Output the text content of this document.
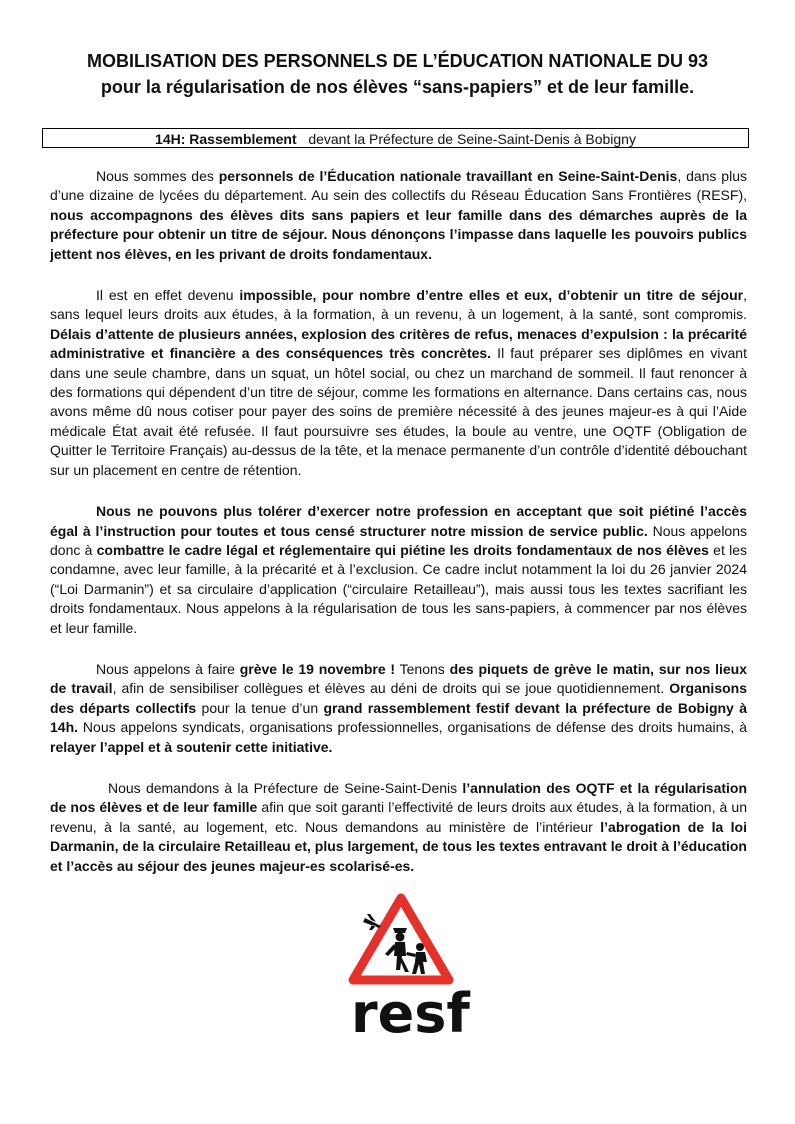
MOBILISATION DES PERSONNELS DE L’ÉDUCATION NATIONALE DU 93
pour la régularisation de nos élèves “sans-papiers” et de leur famille.
14H: Rassemblement devant la Préfecture de Seine-Saint-Denis à Bobigny

Nous sommes des personnels de l’Éducation nationale travaillant en Seine-Saint-Denis, dans plus d’une dizaine de lycées du département. Au sein des collectifs du Réseau Éducation Sans Frontières (RESF), nous accompagnons des élèves dits sans papiers et leur famille dans des démarches auprès de la préfecture pour obtenir un titre de séjour. Nous dénonçons l’impasse dans laquelle les pouvoirs publics jettent nos élèves, en les privant de droits fondamentaux.

Il est en effet devenu impossible, pour nombre d’entre elles et eux, d’obtenir un titre de séjour, sans lequel leurs droits aux études, à la formation, à un revenu, à un logement, à la santé, sont compromis. Délais d’attente de plusieurs années, explosion des critères de refus, menaces d’expulsion : la précarité administrative et financière a des conséquences très concrètes. Il faut préparer ses diplômes en vivant dans une seule chambre, dans un squat, un hôtel social, ou chez un marchand de sommeil. Il faut renoncer à des formations qui dépendent d’un titre de séjour, comme les formations en alternance. Dans certains cas, nous avons même dû nous cotiser pour payer des soins de première nécessité à des jeunes majeur-es à qui l’Aide médicale État avait été refusée. Il faut poursuivre ses études, la boule au ventre, une OQTF (Obligation de Quitter le Territoire Français) au-dessus de la tête, et la menace permanente d’un contrôle d’identité débouchant sur un placement en centre de rétention.

Nous ne pouvons plus tolérer d’exercer notre profession en acceptant que soit piétiné l’accès égal à l’instruction pour toutes et tous censé structurer notre mission de service public. Nous appelons donc à combattre le cadre légal et réglementaire qui piétine les droits fondamentaux de nos élèves et les condamne, avec leur famille, à la précarité et à l’exclusion. Ce cadre inclut notamment la loi du 26 janvier 2024 (“Loi Darmanin”) et sa circulaire d’application (“circulaire Retailleau”), mais aussi tous les textes sacrifiant les droits fondamentaux. Nous appelons à la régularisation de tous les sans-papiers, à commencer par nos élèves et leur famille.

Nous appelons à faire grève le 19 novembre ! Tenons des piquets de grève le matin, sur nos lieux de travail, afin de sensibiliser collègues et élèves au déni de droits qui se joue quotidiennement. Organisons des départs collectifs pour la tenue d’un grand rassemblement festif devant la préfecture de Bobigny à 14h. Nous appelons syndicats, organisations professionnelles, organisations de défense des droits humains, à relayer l’appel et à soutenir cette initiative.

Nous demandons à la Préfecture de Seine-Saint-Denis l’annulation des OQTF et la régularisation de nos élèves et de leur famille afin que soit garanti l’effectivité de leurs droits aux études, à la formation, à un revenu, à la santé, au logement, etc. Nous demandons au ministère de l’intérieur l’abrogation de la loi Darmanin, de la circulaire Retailleau et, plus largement, de tous les textes entravant le droit à l’éducation et l’accès au séjour des jeunes majeur-es scolarisé-es.

resf
